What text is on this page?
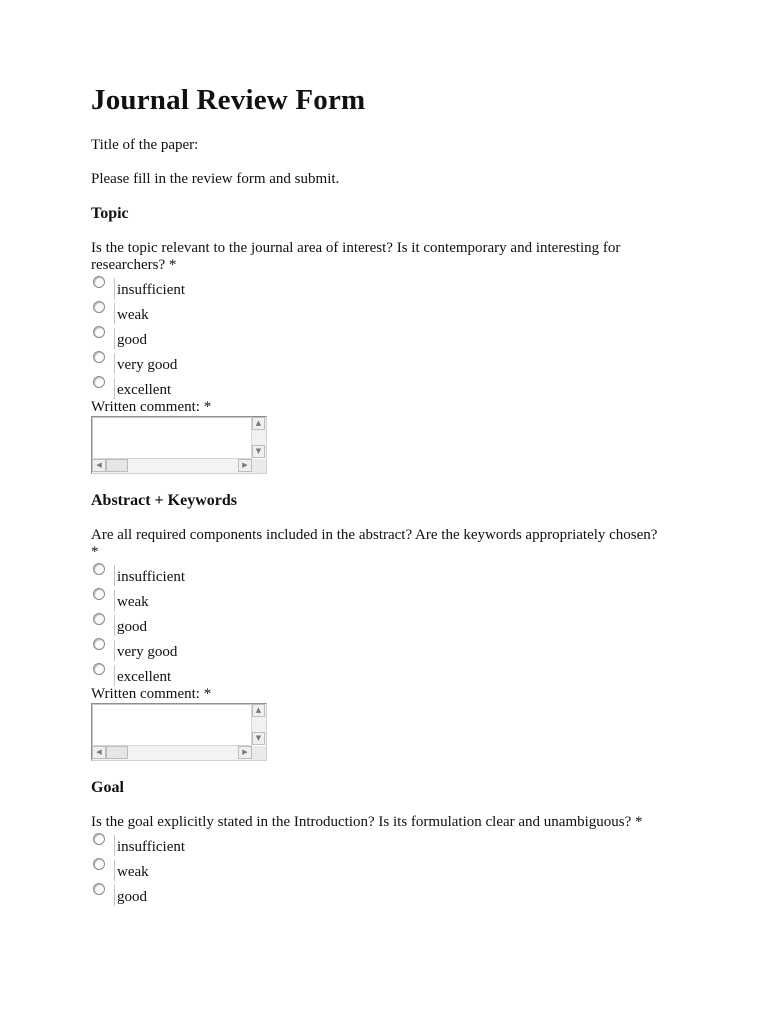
Journal Review Form
Title of the paper:
Please fill in the review form and submit.
Topic
Is the topic relevant to the journal area of interest? Is it contemporary and interesting for researchers? *
insufficient
weak
good
very good
excellent
Written comment: *
▲
▼
◀	▶
Abstract + Keywords
Are all required components included in the abstract? Are the keywords appropriately chosen? *
insufficient
weak
good
very good
excellent
Written comment: *
▲
▼
◀	▶
Goal
Is the goal explicitly stated in the Introduction? Is its formulation clear and unambiguous? *
insufficient
weak
good
